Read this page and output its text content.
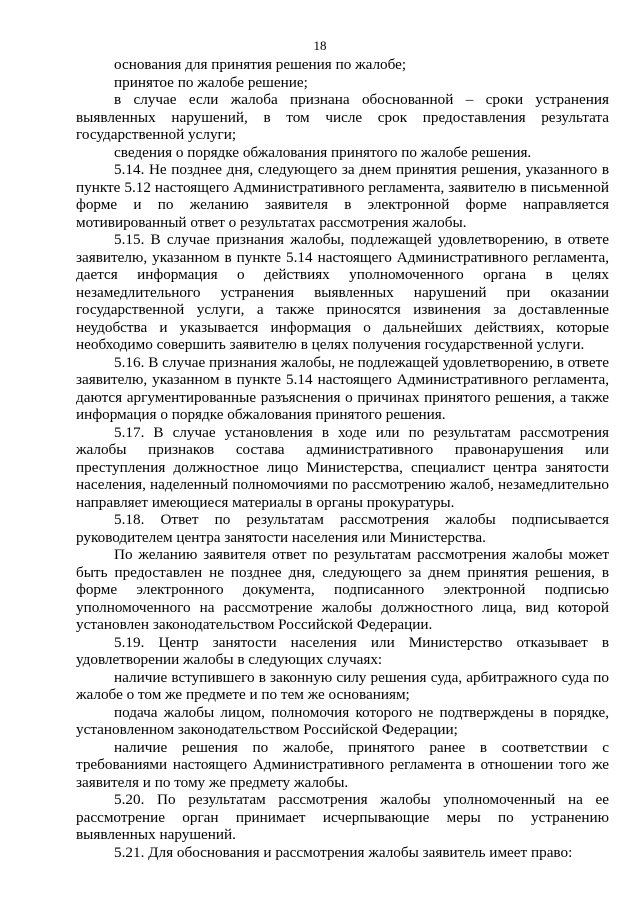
18

основания для принятия решения по жалобе;

принятое по жалобе решение;

в случае если жалоба признана обоснованной – сроки устранения выявленных нарушений, в том числе срок предоставления результата государственной услуги;

сведения о порядке обжалования принятого по жалобе решения.

5.14. Не позднее дня, следующего за днем принятия решения, указанного в пункте 5.12 настоящего Административного регламента, заявителю в письменной форме и по желанию заявителя в электронной форме направляется мотивированный ответ о результатах рассмотрения жалобы.

5.15. В случае признания жалобы, подлежащей удовлетворению, в ответе заявителю, указанном в пункте 5.14 настоящего Административного регламента, дается информация о действиях уполномоченного органа в целях незамедлительного устранения выявленных нарушений при оказании государственной услуги, а также приносятся извинения за доставленные неудобства и указывается информация о дальнейших действиях, которые необходимо совершить заявителю в целях получения государственной услуги.

5.16. В случае признания жалобы, не подлежащей удовлетворению, в ответе заявителю, указанном в пункте 5.14 настоящего Административного регламента, даются аргументированные разъяснения о причинах принятого решения, а также информация о порядке обжалования принятого решения.

5.17. В случае установления в ходе или по результатам рассмотрения жалобы признаков состава административного правонарушения или преступления должностное лицо Министерства, специалист центра занятости населения, наделенный полномочиями по рассмотрению жалоб, незамедлительно направляет имеющиеся материалы в органы прокуратуры.

5.18. Ответ по результатам рассмотрения жалобы подписывается руководителем центра занятости населения или Министерства.

По желанию заявителя ответ по результатам рассмотрения жалобы может быть предоставлен не позднее дня, следующего за днем принятия решения, в форме электронного документа, подписанного электронной подписью уполномоченного на рассмотрение жалобы должностного лица, вид которой установлен законодательством Российской Федерации.

5.19. Центр занятости населения или Министерство отказывает в удовлетворении жалобы в следующих случаях:

наличие вступившего в законную силу решения суда, арбитражного суда по жалобе о том же предмете и по тем же основаниям;

подача жалобы лицом, полномочия которого не подтверждены в порядке, установленном законодательством Российской Федерации;

наличие решения по жалобе, принятого ранее в соответствии с требованиями настоящего Административного регламента в отношении того же заявителя и по тому же предмету жалобы.

5.20. По результатам рассмотрения жалобы уполномоченный на ее рассмотрение орган принимает исчерпывающие меры по устранению выявленных нарушений.

5.21. Для обоснования и рассмотрения жалобы заявитель имеет право:
